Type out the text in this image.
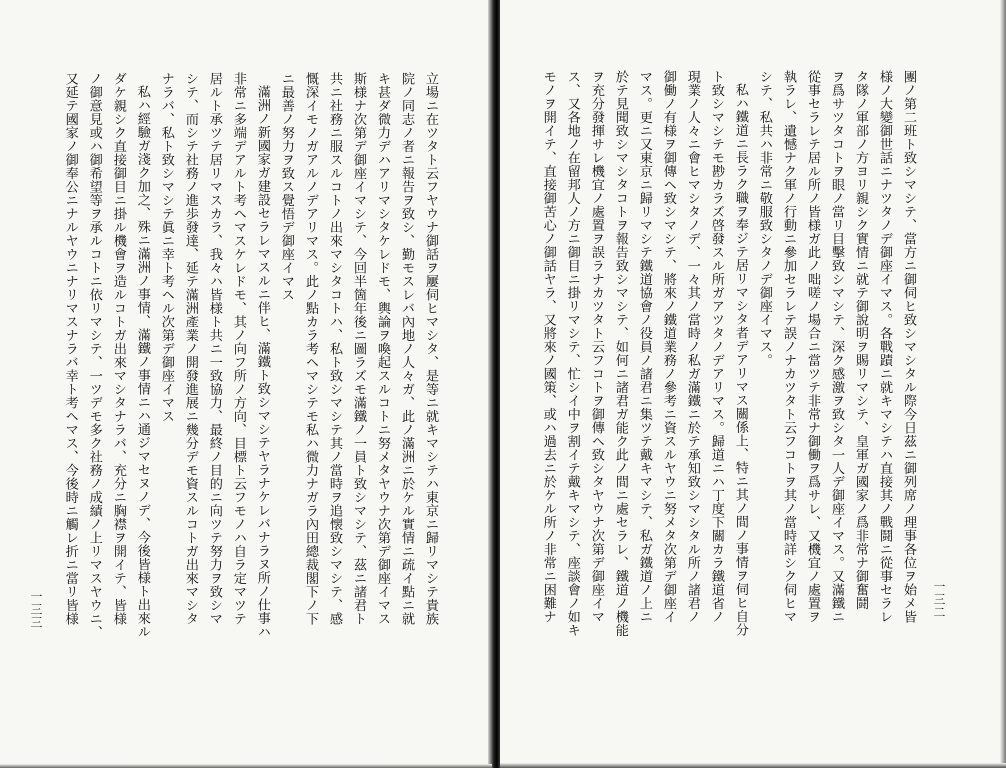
立場ニ在ツタト云フヤウナ御話ヲ屢伺ヒマシタ、是等ニ就キマシテハ東京ニ歸リマシテ貴族
院ノ同志ノ者ニ報告ヲ致シ、勤モスレバ內地ノ人々ガ、此ノ滿洲ニ於ケル實情ニ疏イ點ニ就
キ甚ダ微力デハアリマシタケレドモ、輿論ヲ喚起スルコトニ努メタヤウナ次第デ御座イマス
斯様ナ次第デ御座イマシテ、今回半箇年後ニ圖ラズモ滿鐵ノ一員ト致シマシテ、茲ニ諸君ト
共ニ社務ニ服スルコトノ出來マシタコトハ、私ト致シマシテ其ノ當時ヲ追懐致シマシテ、感
慨深イモノガアルノデアリマス。此ノ點カラ考ヘマシテモ私ハ微力ナガラ內田總裁閣下ノ下
ニ最善ノ努力ヲ致ス覺悟デ御座イマス
滿洲ノ新國家ガ建設セラレマスルニ伴ヒ、滿鐵ト致シマシテヤラナケレバナラヌ所ノ仕事ハ
非常ニ多端デアルト考ヘマスケレドモ、其ノ向フ所ノ方向、目標ト云フモノハ自ラ定マツテ
居ルト承ツテ居リマスカラ、我々ハ皆様ト共ニ一致協力、最終ノ目的ニ向ツテ努力ヲ致シマ
シテ、而シテ社務ノ進歩發達、延テ滿洲產業ノ開發進展ニ幾分デモ資スルコトガ出來マシタ
ナラバ、私ト致シマシテ眞ニ幸ト考ヘル次第デ御座イマス
私ハ經驗ガ淺ク加之、殊ニ滿洲ノ事情、滿鐵ノ事情ニハ通ジマセヌノデ、今後皆様ト出來ル
ダケ親シク直接御目ニ掛ル機會ヲ造ルコトガ出來マシタナラバ、充分ニ胸襟ヲ開イテ、皆様
ノ御意見或ハ御希望等ヲ承ルコトニ依リマシテ、一ツデモ多ク社務ノ成績ノ上リマスヤウニ、
又延テ國家ノ御奉公ニナルヤウニナリマスナラバ幸ト考ヘマス、今後時ニ觸レ折ニ當リ皆様
一三三	團ノ第二班ト致シマシテ、當方ニ御伺ヒ致シマシタル際今日茲ニ御列席ノ理事各位ヲ始メ皆
様ノ大變御世話ニナツタノデ御座イマス。各戰蹟ニ就キマシテハ直接其ノ戰鬪ニ從事セラレ
タ隊ノ軍部ノ方ヨリ親シク實情ニ就テ御說明ヲ賜リマシテ、皇軍ガ國家ノ爲非常ナ御奮鬪
ヲ爲サツタコトヲ眼ノ當リ目擊致シマシテ、深ク感激ヲ致シタ一人デ御座イマス。又滿鐵ニ
從事セラレテ居ル所ノ皆様ガ此ノ咄嗟ノ場合ニ當ツテ非常ナ御働ヲ爲サレ、又機宜ノ處置ヲ
執ラレ、遺憾ナク軍ノ行動ニ參加セラレテ誤ノナカツタト云フコトヲ其ノ當時詳シク伺ヒマ
シテ、私共ハ非常ニ敬服致シタノデ御座イマス。
私ハ鐵道ニ長ラク職ヲ奉ジテ居リマシタ者デアリマス關係上、特ニ其ノ間ノ事情ヲ伺ヒ自分
ト致シマシテモ尠カラズ啓發スル所ガアツタノデアリマス。歸道ニハ丁度下關カラ鐵道省ノ
現業ノ人々ニ會ヒマシタノデ、一々其ノ當時ノ私ガ滿鐵ニ於テ承知致シマシタル所ノ諸君ノ
御働ノ有様ヲ御傳ヘ致シマシテ、將來ノ鐵道業務ノ參考ニ資スルヤウニ努メタ次第デ御座イ
マス。更ニ又東京ニ歸リマシテ鐵道協會ノ役員ノ諸君ニ集ツテ戴キマシテ、私ガ鐵道ノ上ニ
於テ見聞致シマシタコトヲ報告致シマシテ、如何ニ諸君ガ能ク此ノ間ニ處セラレ、鐵道ノ機能
ヲ充分發揮サレ機宜ノ處置ヲ誤ラナカツタト云フコトヲ御傳ヘ致シタヤウナ次第デ御座イマ
ス、又各地ノ在留邦人ノ方ニ御目ニ掛リマシテ、忙シイ中ヲ割イテ戴キマシテ、座談會ノ如キ
モノヲ開イテ、直接御苦心ノ御話ヤラ、又將來ノ國策、或ハ過去ニ於ケル所ノ非常ニ困難ナ	一三二
